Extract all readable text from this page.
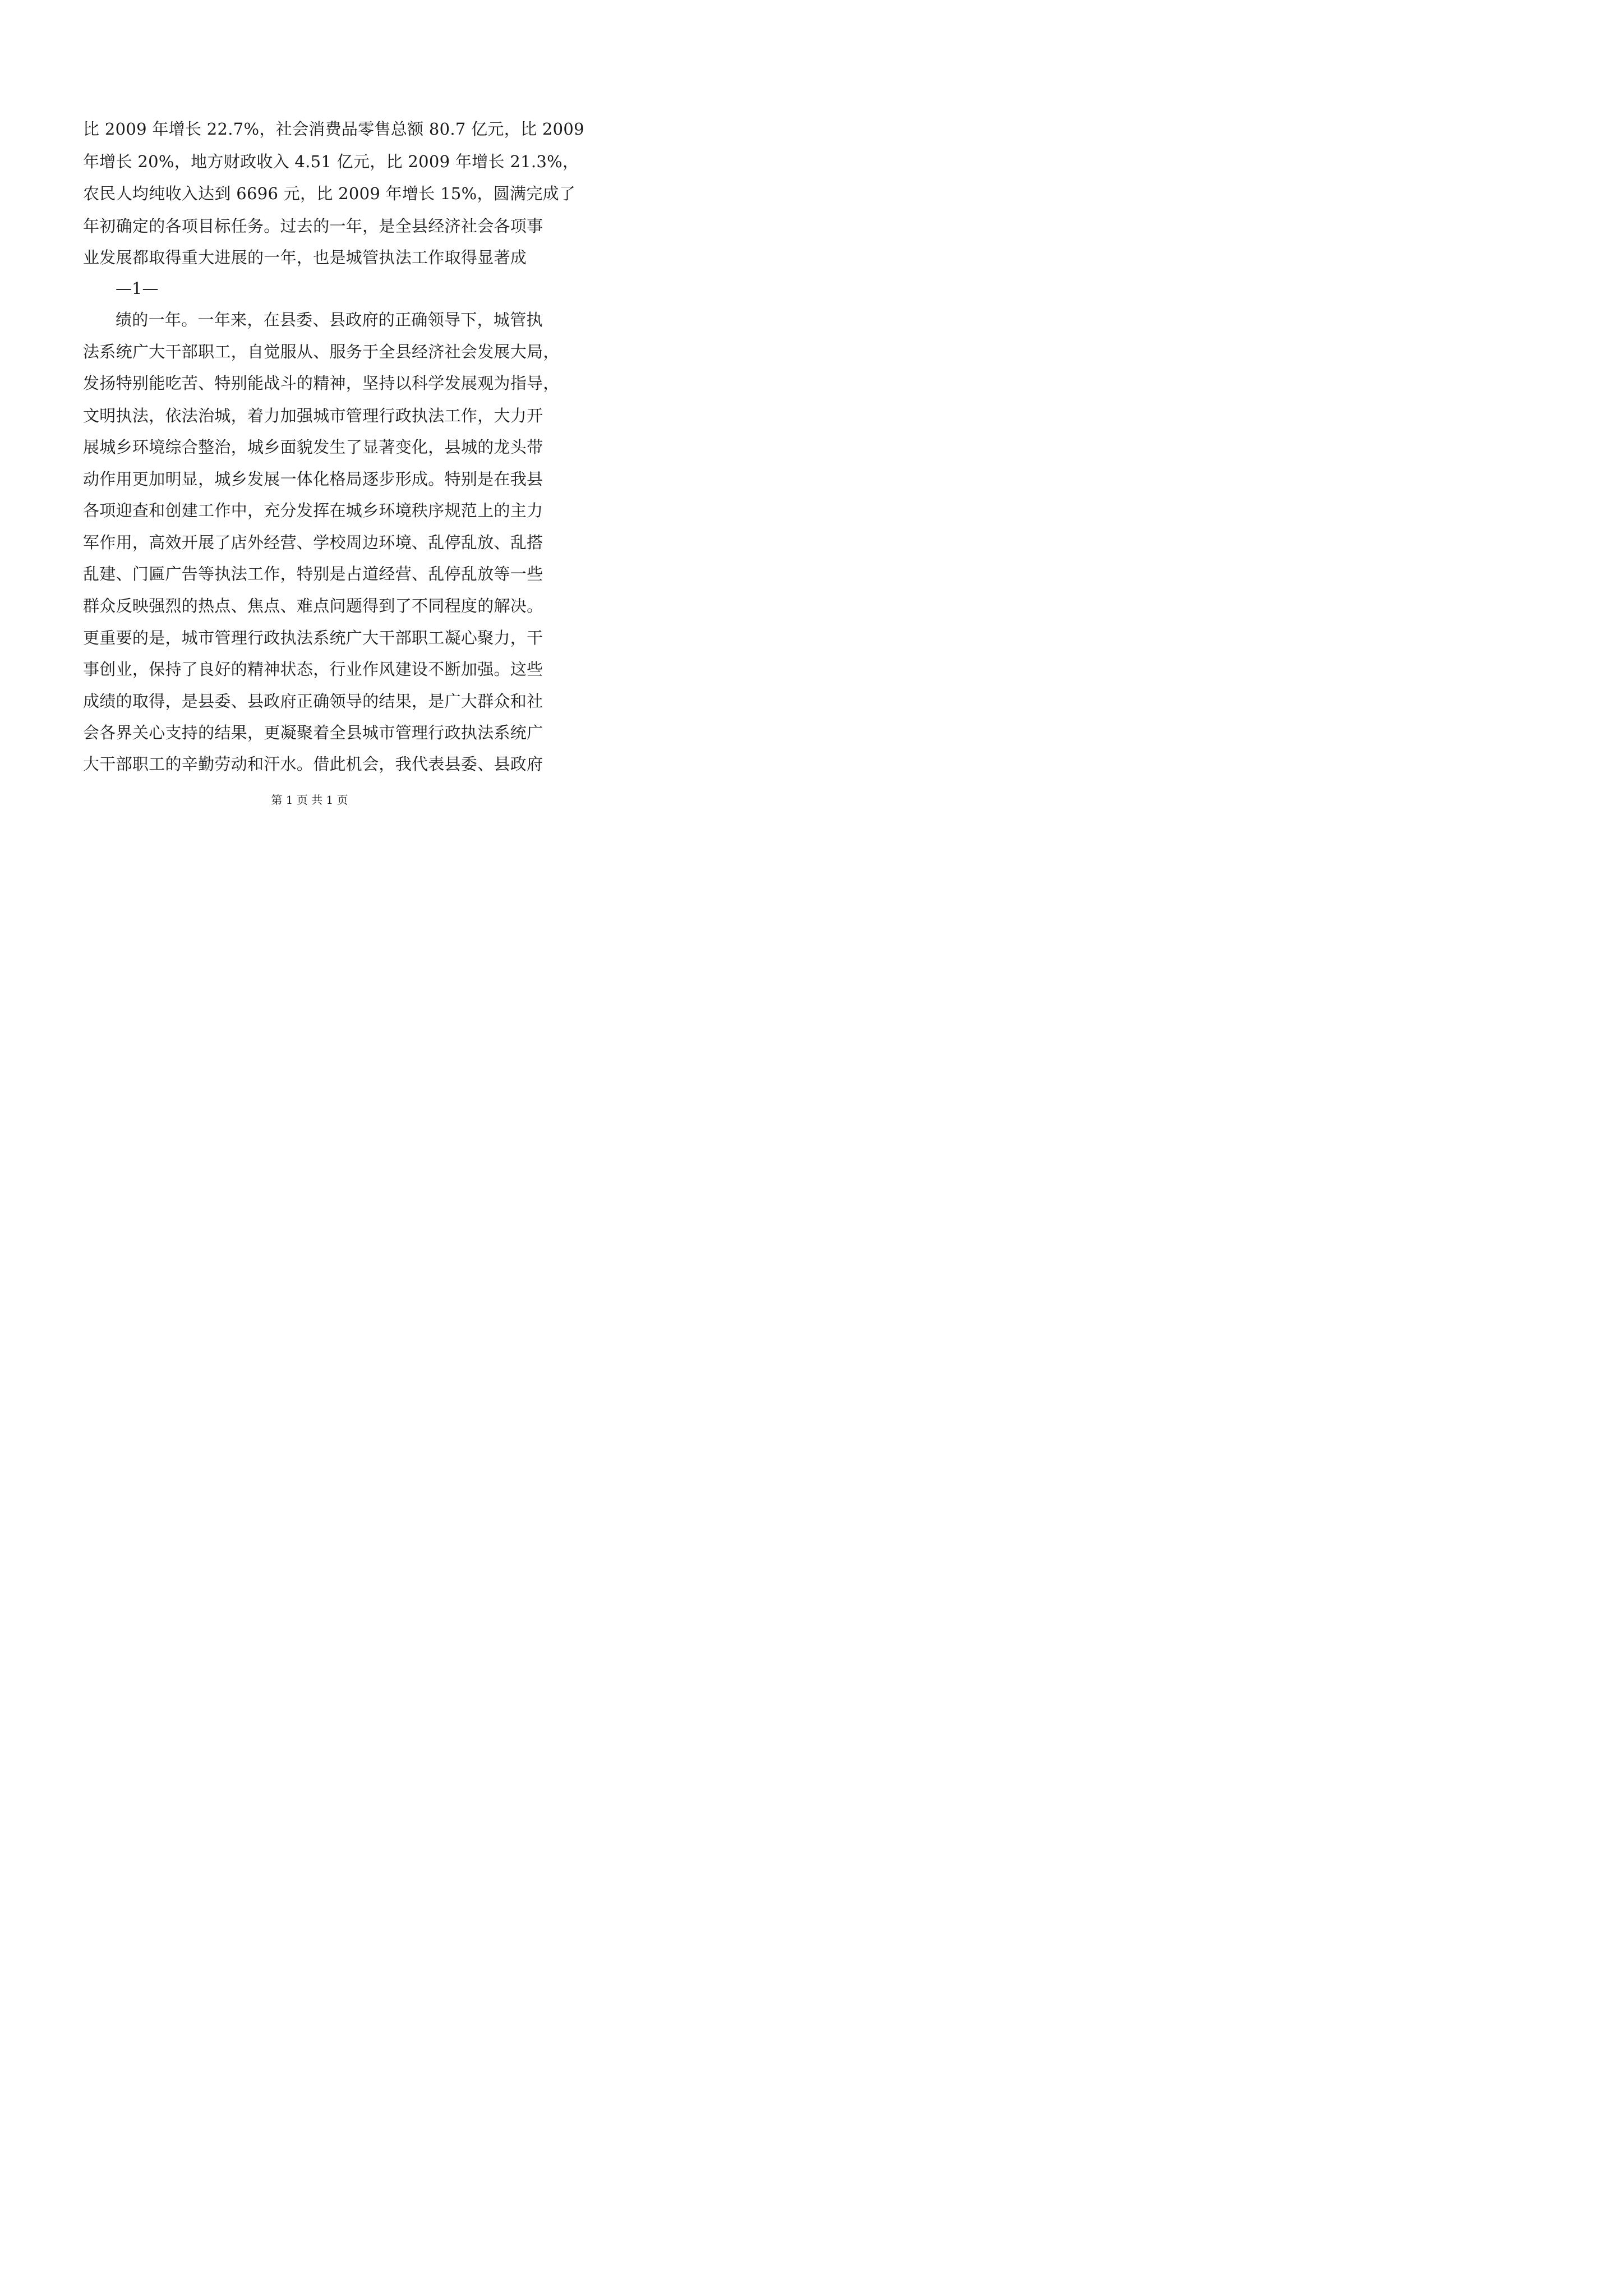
比 2009 年增长 22.7%，社会消费品零售总额 80.7 亿元，比 2009
年增长 20%，地方财政收入 4.51 亿元，比 2009 年增长 21.3%，
农民人均纯收入达到 6696 元，比 2009 年增长 15%，圆满完成了
年初确定的各项目标任务。过去的一年，是全县经济社会各项事
业发展都取得重大进展的一年，也是城管执法工作取得显著成
—1—
绩的一年。一年来，在县委、县政府的正确领导下，城管执
法系统广大干部职工，自觉服从、服务于全县经济社会发展大局，
发扬特别能吃苦、特别能战斗的精神，坚持以科学发展观为指导，
文明执法，依法治城，着力加强城市管理行政执法工作，大力开
展城乡环境综合整治，城乡面貌发生了显著变化，县城的龙头带
动作用更加明显，城乡发展一体化格局逐步形成。特别是在我县
各项迎查和创建工作中，充分发挥在城乡环境秩序规范上的主力
军作用，高效开展了店外经营、学校周边环境、乱停乱放、乱搭
乱建、门匾广告等执法工作，特别是占道经营、乱停乱放等一些
群众反映强烈的热点、焦点、难点问题得到了不同程度的解决。
更重要的是，城市管理行政执法系统广大干部职工凝心聚力，干
事创业，保持了良好的精神状态，行业作风建设不断加强。这些
成绩的取得，是县委、县政府正确领导的结果，是广大群众和社
会各界关心支持的结果，更凝聚着全县城市管理行政执法系统广
大干部职工的辛勤劳动和汗水。借此机会，我代表县委、县政府
第 1 页 共 1 页
